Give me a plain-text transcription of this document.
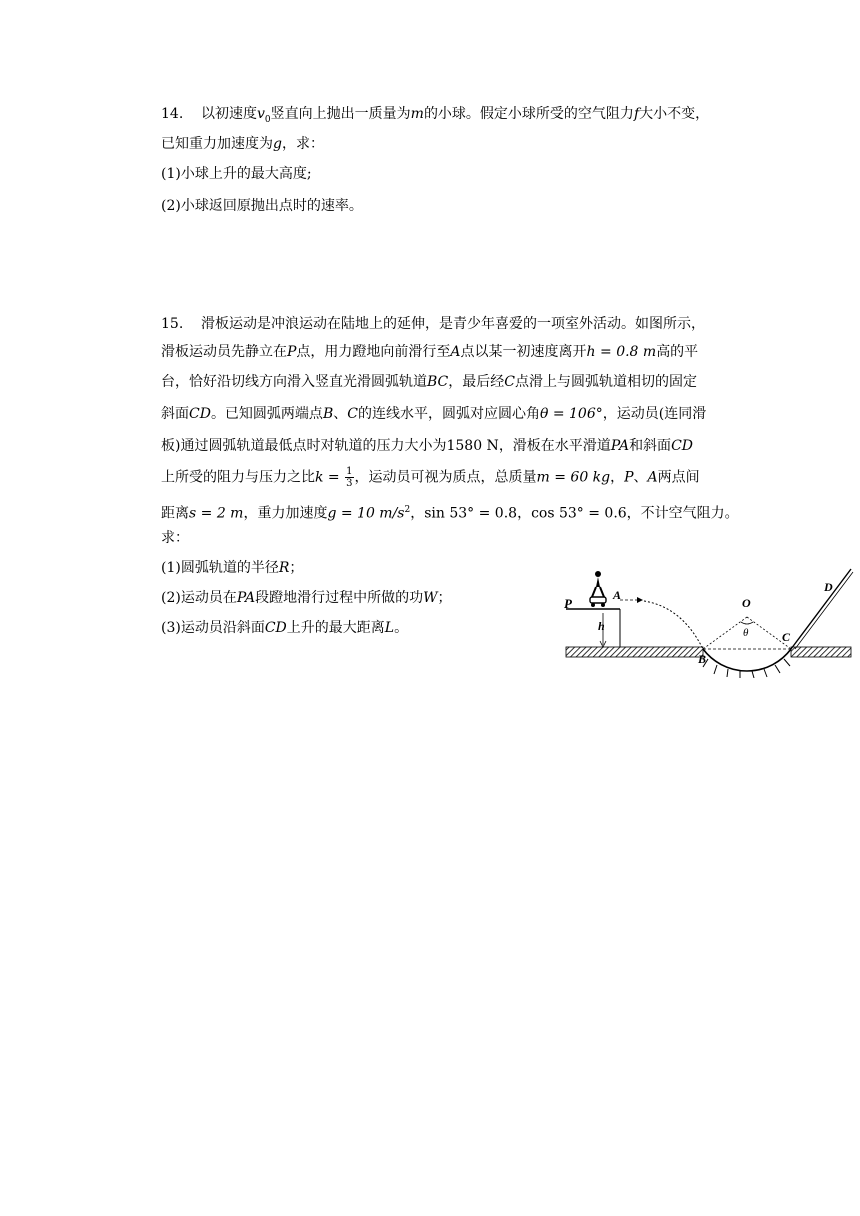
14. 以初速度$v_0$竖直向上抛出一质量为m的小球。假定小球所受的空气阻力f大小不变，
已知重力加速度为g，求：
(1)小球上升的最大高度;
(2)小球返回原抛出点时的速率。
15. 滑板运动是冲浪运动在陆地上的延伸，是青少年喜爱的一项室外活动。如图所示，
滑板运动员先静立在P点，用力蹬地向前滑行至A点以某一初速度离开h = 0.8 m高的平
台，恰好沿切线方向滑入竖直光滑圆弧轨道BC，最后经C点滑上与圆弧轨道相切的固定
斜面CD。已知圆弧两端点B、C的连线水平，圆弧对应圆心角θ = 106°，运动员(连同滑
板)通过圆弧轨道最低点时对轨道的压力大小为1580 N，滑板在水平滑道PA和斜面CD
上所受的阻力与压力之比$k = \frac{1}{3}$ ，运动员可视为质点，总质量m = 60 kg，P、A两点间
距离s = 2 m，重力加速度g = 10 $m/s^2$，sin 53° = 0.8，cos 53° = 0.6，不计空气阻力。
求：
(1)圆弧轨道的半径R；
(2)运动员在PA段蹬地滑行过程中所做的功W；
(3)运动员沿斜面CD上升的最大距离L。
P
A
h
O
θ
B
C
D
